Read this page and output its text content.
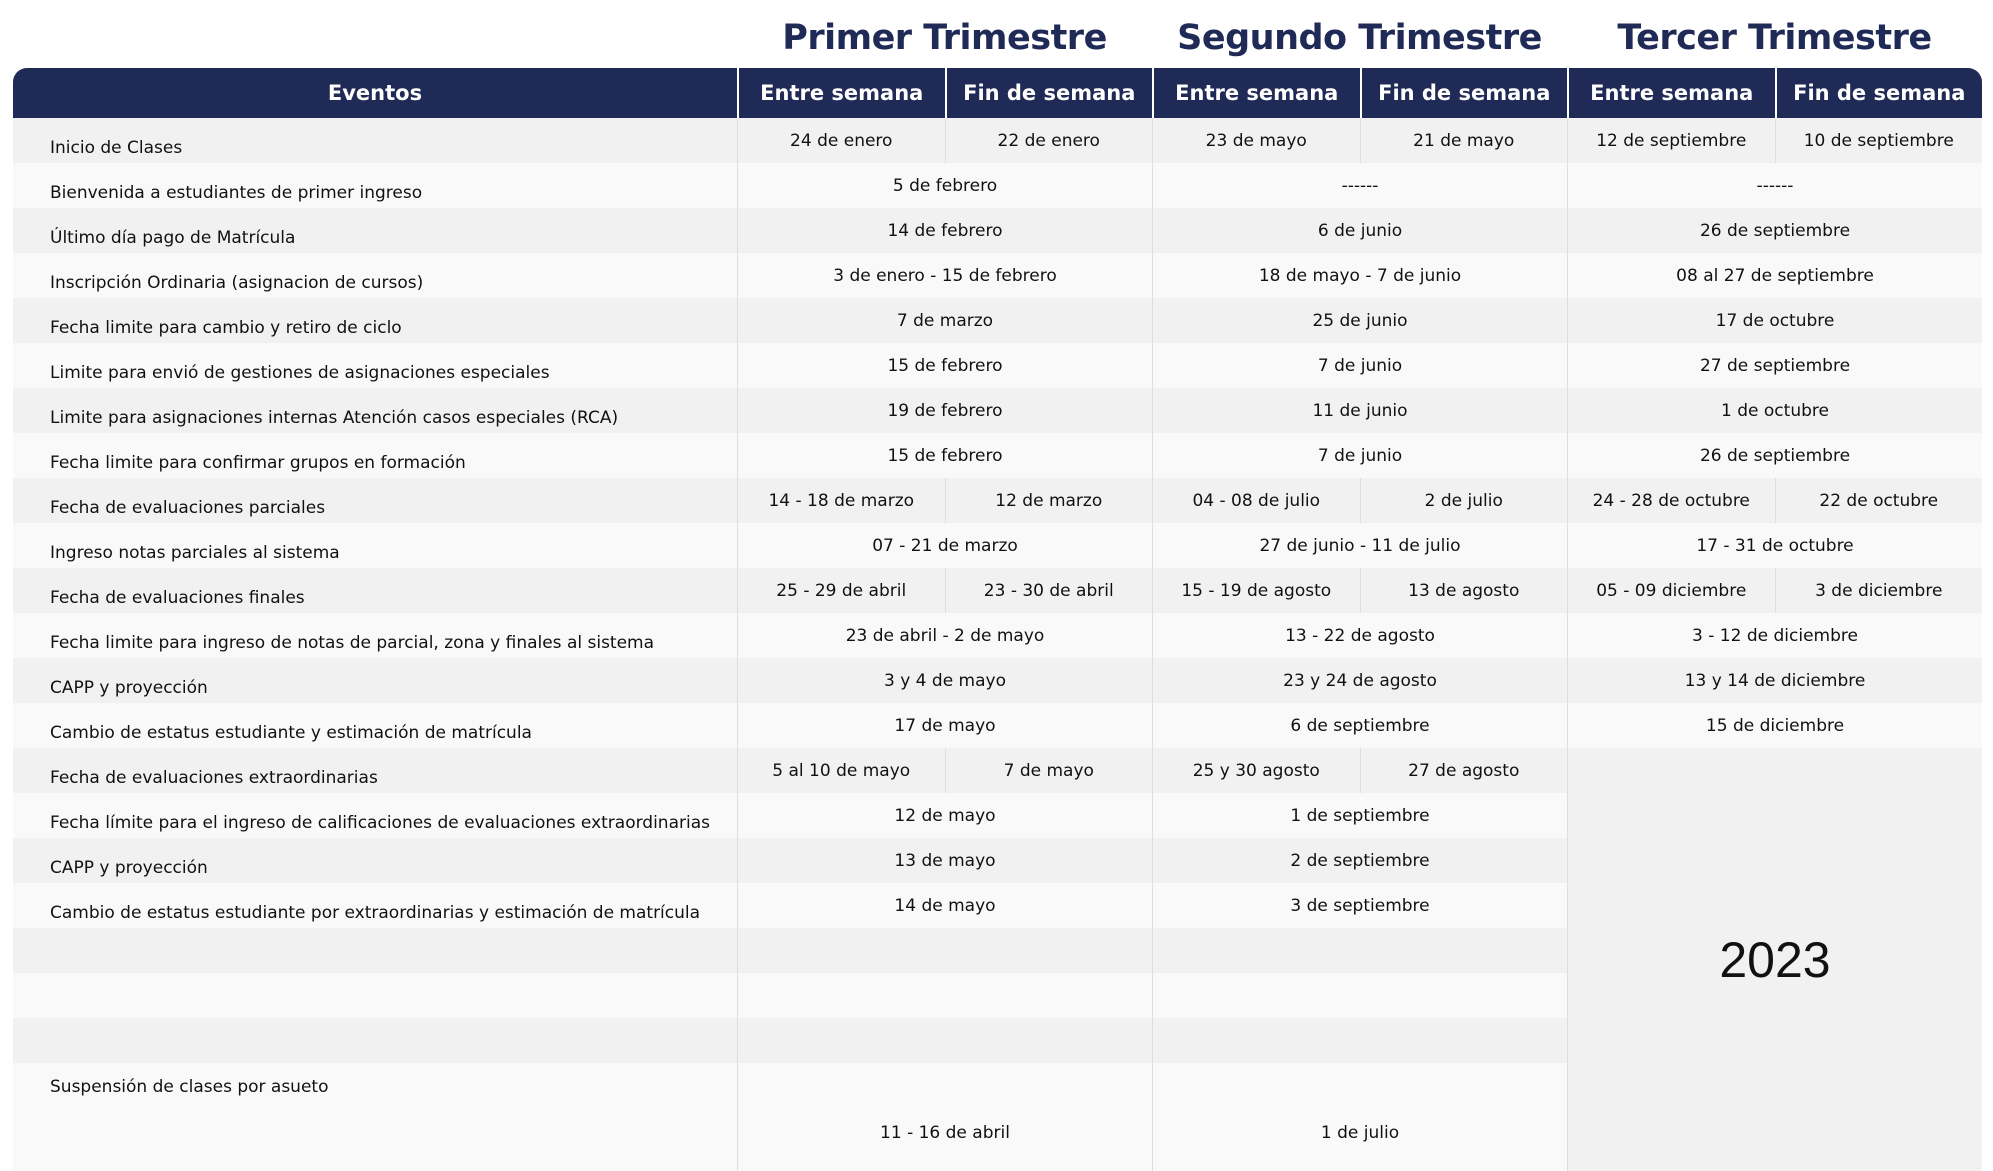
Primer Trimestre	Segundo Trimestre	Tercer Trimestre
Eventos	Entre semana	Fin de semana	Entre semana	Fin de semana	Entre semana	Fin de semana
Inicio de Clases	24 de enero	22 de enero	23 de mayo	21 de mayo	12 de septiembre	10 de septiembre
Bienvenida a estudiantes de primer ingreso	5 de febrero		------		------	
Último día pago de Matrícula	14 de febrero		6 de junio		26 de septiembre	
Inscripción Ordinaria (asignacion de cursos)	3 de enero - 15 de febrero		18 de mayo - 7 de junio		08 al 27 de septiembre	
Fecha limite para cambio y retiro de ciclo	7 de marzo		25 de junio		17 de octubre	
Limite para envió de gestiones de asignaciones especiales	15 de febrero		7 de junio		27 de septiembre	
Limite para asignaciones internas Atención casos especiales (RCA)	19 de febrero		11 de junio		1 de octubre	
Fecha limite para confirmar grupos en formación	15 de febrero		7 de junio		26 de septiembre	
Fecha de evaluaciones parciales	14 - 18 de marzo	12 de marzo	04 - 08 de julio	2 de julio	24 - 28 de octubre	22 de octubre
Ingreso notas parciales al sistema	07 - 21 de marzo		27 de junio - 11 de julio		17 - 31 de octubre	
Fecha de evaluaciones finales	25 - 29 de abril	23 - 30 de abril	15 - 19 de agosto	13 de agosto	05 - 09 diciembre	3 de diciembre
Fecha limite para ingreso de notas de parcial, zona y finales al sistema	23 de abril - 2 de mayo		13 - 22 de agosto		3 - 12 de diciembre	
CAPP y proyección	3 y 4 de mayo		23 y 24 de agosto		13 y 14 de diciembre	
Cambio de estatus estudiante y estimación de matrícula	17 de mayo		6 de septiembre		15 de diciembre	
Fecha de evaluaciones extraordinarias	5 al 10 de mayo	7 de mayo	25 y 30 agosto	27 de agosto	2023	
Fecha límite para el ingreso de calificaciones de evaluaciones extraordinarias	12 de mayo		1 de septiembre			
CAPP y proyección	13 de mayo		2 de septiembre			
Cambio de estatus estudiante por extraordinarias y estimación de matrícula	14 de mayo		3 de septiembre			

Suspensión de clases por asueto	11 - 16 de abril		1 de julio			
